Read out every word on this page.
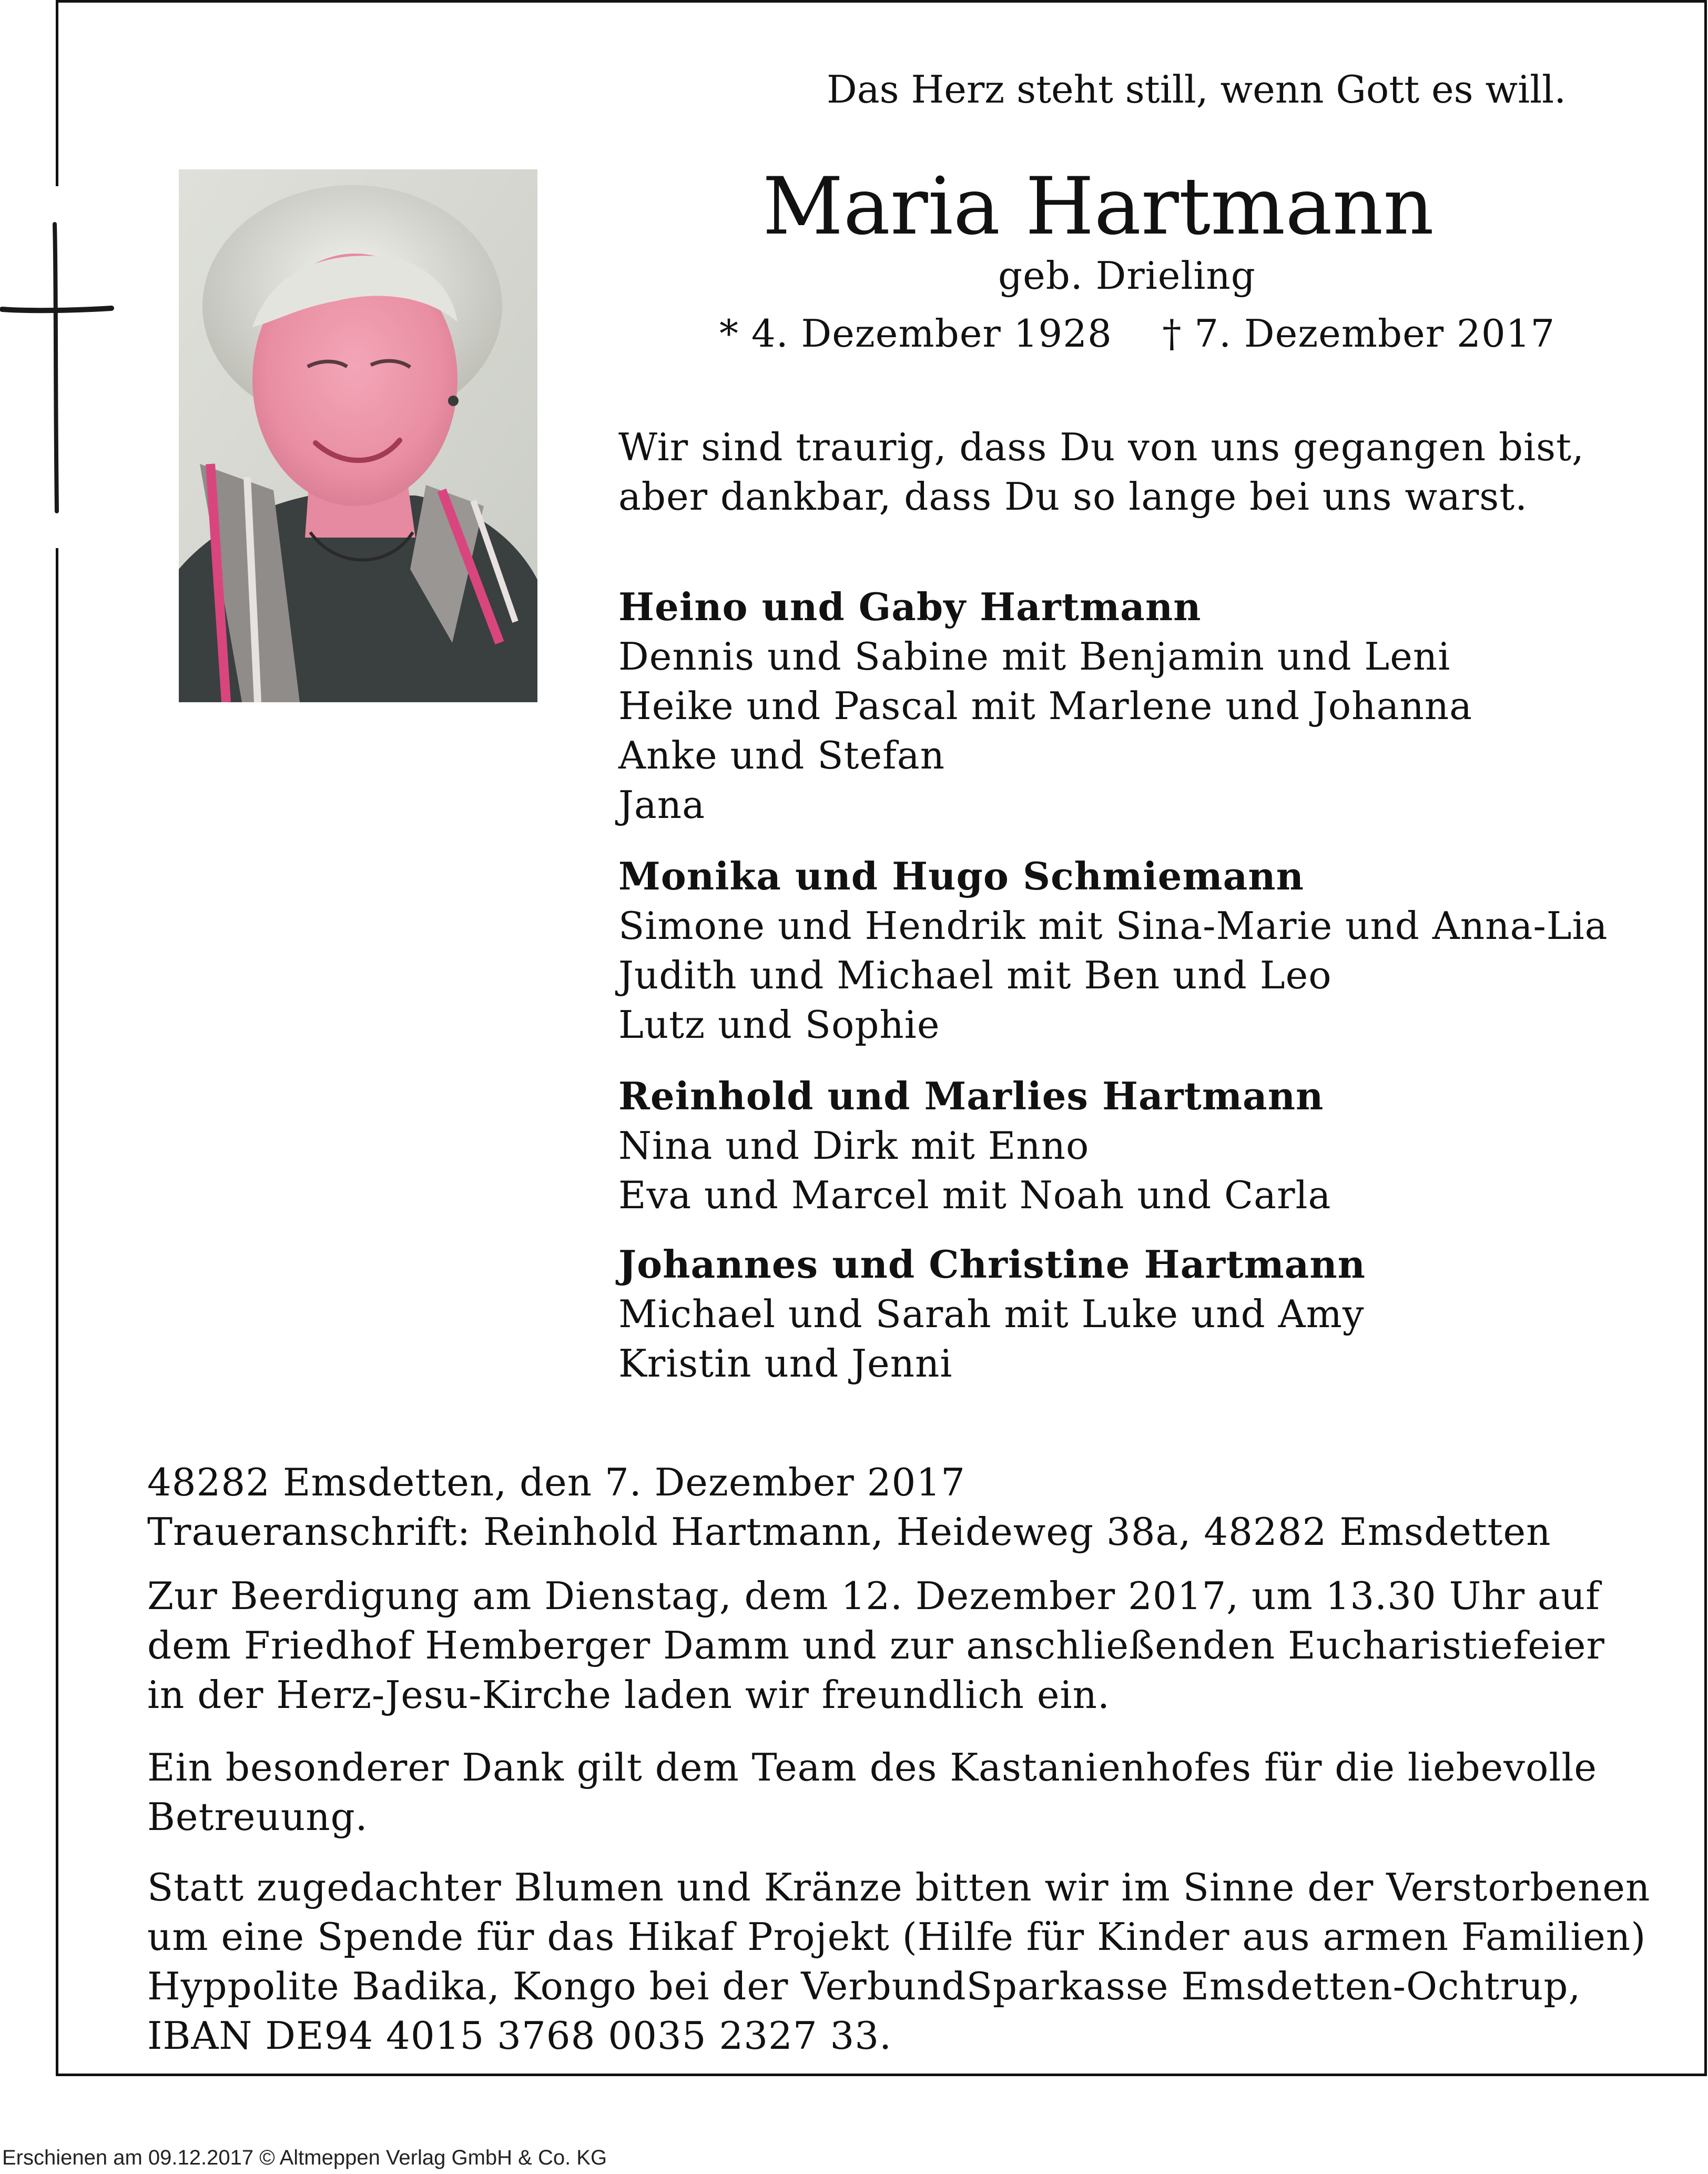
Das Herz steht still, wenn Gott es will.
Maria Hartmann
geb. Drieling
* 4. Dezember 1928    † 7. Dezember 2017
Wir sind traurig, dass Du von uns gegangen bist,
aber dankbar, dass Du so lange bei uns warst.
Heino und Gaby Hartmann
Dennis und Sabine mit Benjamin und Leni
Heike und Pascal mit Marlene und Johanna
Anke und Stefan
Jana
Monika und Hugo Schmiemann
Simone und Hendrik mit Sina-Marie und Anna-Lia
Judith und Michael mit Ben und Leo
Lutz und Sophie
Reinhold und Marlies Hartmann
Nina und Dirk mit Enno
Eva und Marcel mit Noah und Carla
Johannes und Christine Hartmann
Michael und Sarah mit Luke und Amy
Kristin und Jenni
48282 Emsdetten, den 7. Dezember 2017
Traueranschrift: Reinhold Hartmann, Heideweg 38a, 48282 Emsdetten
Zur Beerdigung am Dienstag, dem 12. Dezember 2017, um 13.30 Uhr auf
dem Friedhof Hemberger Damm und zur anschließenden Eucharistiefeier
in der Herz-Jesu-Kirche laden wir freundlich ein.
Ein besonderer Dank gilt dem Team des Kastanienhofes für die liebevolle
Betreuung.
Statt zugedachter Blumen und Kränze bitten wir im Sinne der Verstorbenen
um eine Spende für das Hikaf Projekt (Hilfe für Kinder aus armen Familien)
Hyppolite Badika, Kongo bei der VerbundSparkasse Emsdetten-Ochtrup,
IBAN DE94 4015 3768 0035 2327 33.
Erschienen am 09.12.2017 © Altmeppen Verlag GmbH & Co. KG
